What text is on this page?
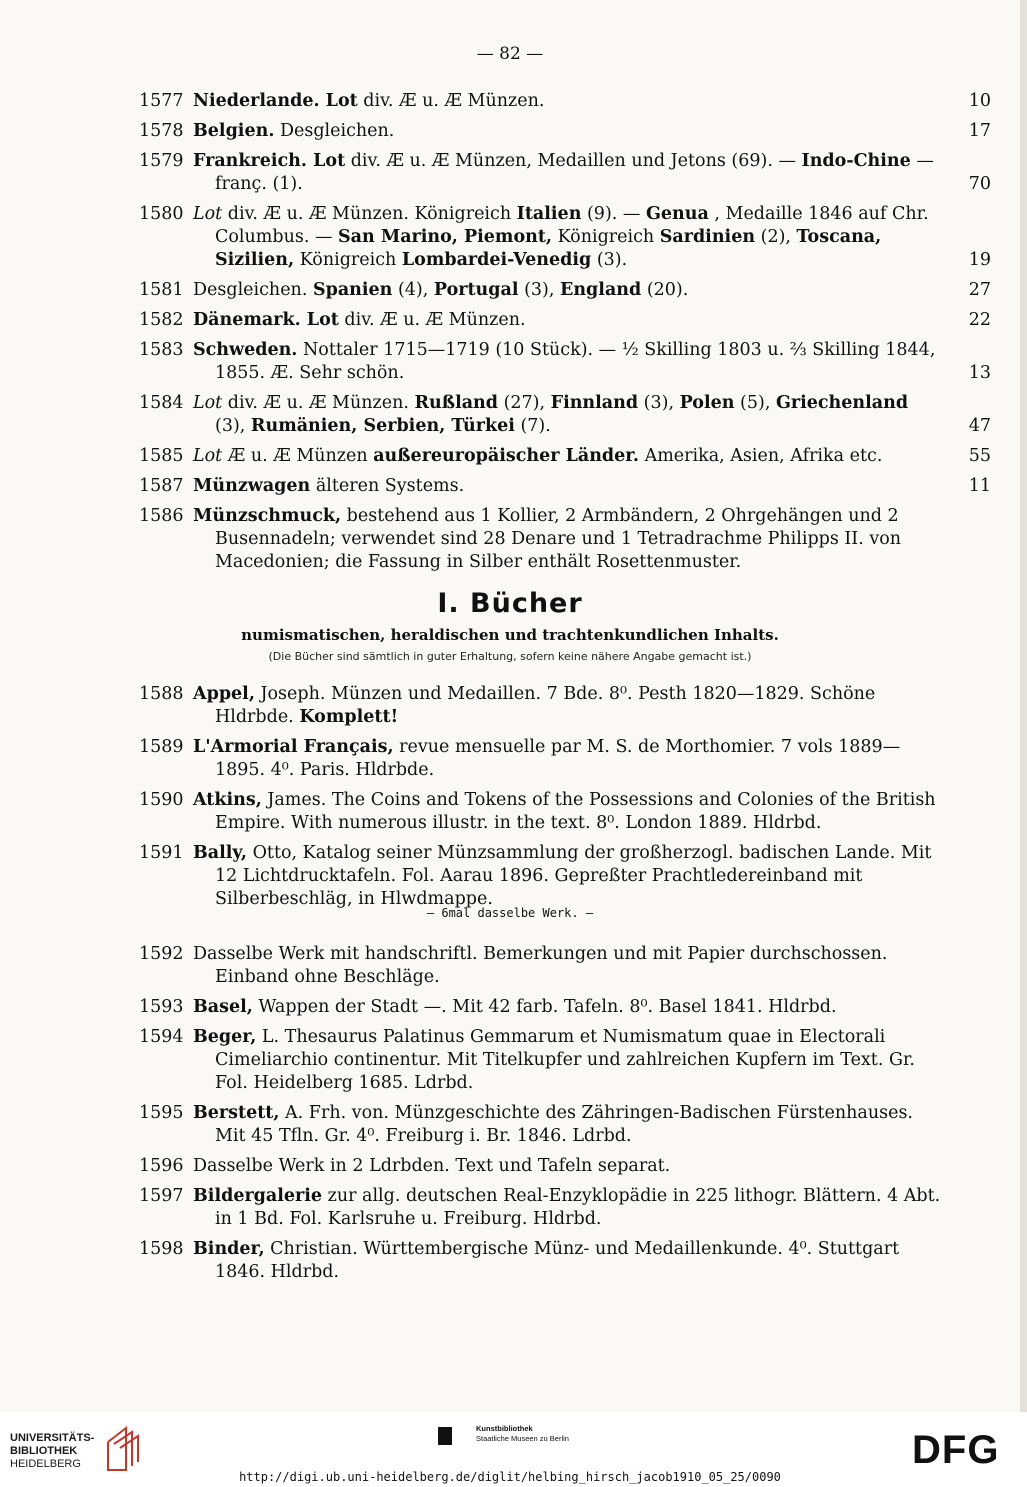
— 82 —
1577 Niederlande. Lot div. Æ u. Æ Münzen.	10
1578 Belgien. Desgleichen.	17
1579 Frankreich. Lot div. Æ u. Æ Münzen, Medaillen und Jetons (69). — Indo-Chine — franç. (1).	70
1580 Lot div. Æ u. Æ Münzen. Königreich Italien (9). — Genua , Medaille 1846 auf Chr. Columbus. — San Marino, Piemont, Königreich Sardinien (2), Toscana, Sizilien, Königreich Lombardei-Venedig (3).	19
1581 Desgleichen. Spanien (4), Portugal (3), England (20).	27
1582 Dänemark. Lot div. Æ u. Æ Münzen.	22
1583 Schweden. Nottaler 1715—1719 (10 Stück). — ½ Skilling 1803 u. ⅔ Skilling 1844, 1855. Æ. Sehr schön.	13
1584 Lot div. Æ u. Æ Münzen. Rußland (27), Finnland (3), Polen (5), Griechenland (3), Rumänien, Serbien, Türkei (7).	47
1585 Lot Æ u. Æ Münzen außereuropäischer Länder. Amerika, Asien, Afrika etc.	55
1587 Münzwagen älteren Systems.	11
1586 Münzschmuck, bestehend aus 1 Kollier, 2 Armbändern, 2 Ohrgehängen und 2 Busennadeln; verwendet sind 28 Denare und 1 Tetradrachme Philipps II. von Macedonien; die Fassung in Silber enthält Rosettenmuster.
I. Bücher
numismatischen, heraldischen und trachtenkundlichen Inhalts.
(Die Bücher sind sämtlich in guter Erhaltung, sofern keine nähere Angabe gemacht ist.)
1588 Appel, Joseph. Münzen und Medaillen. 7 Bde. 8⁰. Pesth 1820—1829. Schöne Hldrbde. Komplett!
1589 L'Armorial Français, revue mensuelle par M. S. de Morthomier. 7 vols 1889—1895. 4⁰. Paris. Hldrbde.
1590 Atkins, James. The Coins and Tokens of the Possessions and Colonies of the British Empire. With numerous illustr. in the text. 8⁰. London 1889. Hldrbd.
1591 Bally, Otto, Katalog seiner Münzsammlung der großherzogl. badischen Lande. Mit 12 Lichtdrucktafeln. Fol. Aarau 1896. Gepreßter Prachtledereinband mit Silberbeschläg, in Hlwdmappe.
— 6mal dasselbe Werk. —
1592 Dasselbe Werk mit handschriftl. Bemerkungen und mit Papier durchschossen. Einband ohne Beschläge.
1593 Basel, Wappen der Stadt —. Mit 42 farb. Tafeln. 8⁰. Basel 1841. Hldrbd.
1594 Beger, L. Thesaurus Palatinus Gemmarum et Numismatum quae in Electorali Cimeliarchio continentur. Mit Titelkupfer und zahlreichen Kupfern im Text. Gr. Fol. Heidelberg 1685. Ldrbd.
1595 Berstett, A. Frh. von. Münzgeschichte des Zähringen-Badischen Fürstenhauses. Mit 45 Tfln. Gr. 4⁰. Freiburg i. Br. 1846. Ldrbd.
1596 Dasselbe Werk in 2 Ldrbden. Text und Tafeln separat.
1597 Bildergalerie zur allg. deutschen Real-Enzyklopädie in 225 lithogr. Blättern. 4 Abt. in 1 Bd. Fol. Karlsruhe u. Freiburg. Hldrbd.
1598 Binder, Christian. Württembergische Münz- und Medaillenkunde. 4⁰. Stuttgart 1846. Hldrbd.
UNIVERSITÄTS-
BIBLIOTHEK
HEIDELBERG
Kunstbibliothek
Staatliche Museen zu Berlin	DFG
http://digi.ub.uni-heidelberg.de/diglit/helbing_hirsch_jacob1910_05_25/0090
